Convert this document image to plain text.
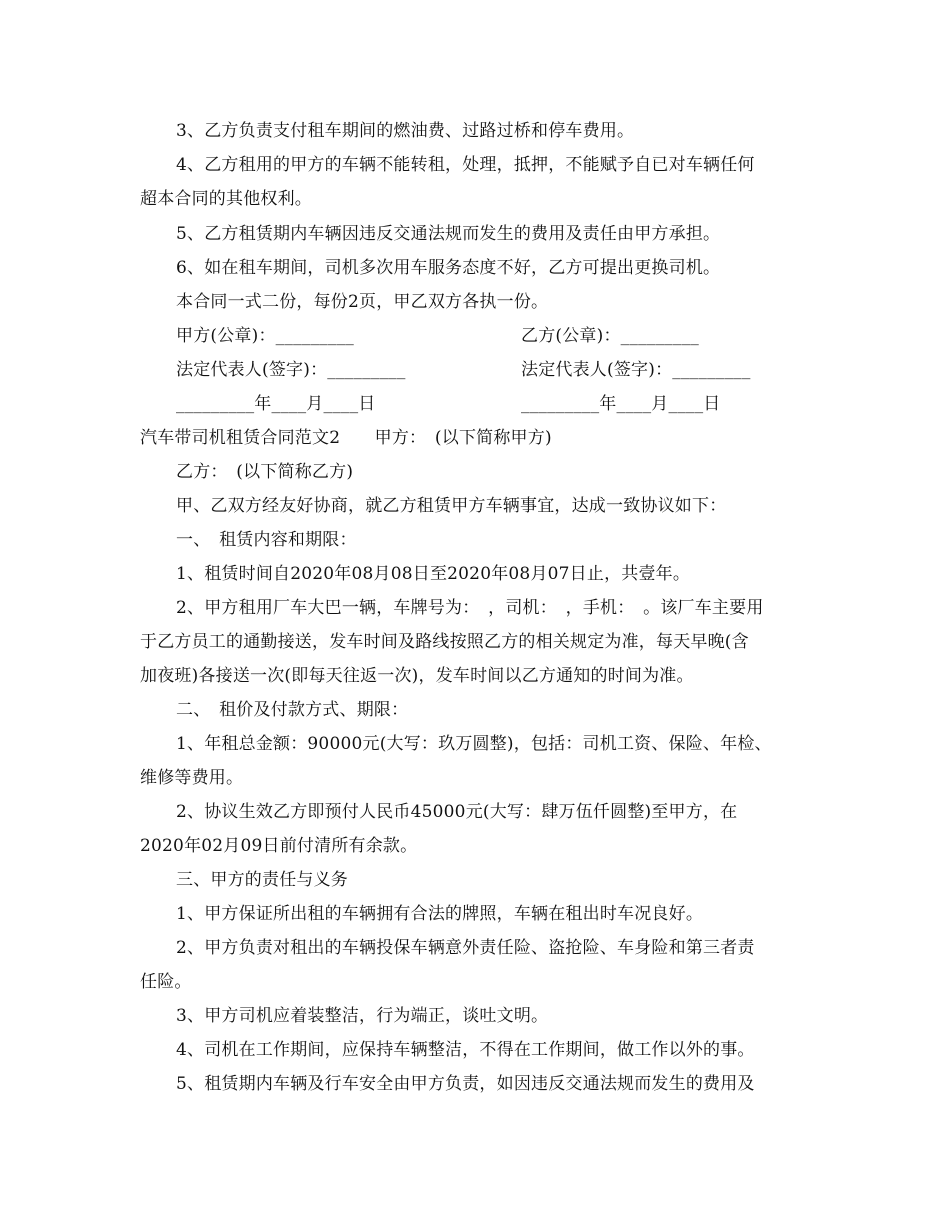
3、乙方负责支付租车期间的燃油费、过路过桥和停车费用。
4、乙方租用的甲方的车辆不能转租，处理，抵押，不能赋予自已对车辆任何
超本合同的其他权利。
5、乙方租赁期内车辆因违反交通法规而发生的费用及责任由甲方承担。
6、如在租车期间，司机多次用车服务态度不好，乙方可提出更换司机。
本合同一式二份，每份2页，甲乙双方各执一份。
甲方(公章)：_________	乙方(公章)：_________
法定代表人(签字)：_________	法定代表人(签字)：_________
_________年____月____日	_________年____月____日
汽车带司机租赁合同范文2　　甲方：　(以下简称甲方)
乙方：　(以下简称乙方)
甲、乙双方经友好协商，就乙方租赁甲方车辆事宜，达成一致协议如下：
一、　租赁内容和期限：
1、租赁时间自2020年08月08日至2020年08月07日止，共壹年。
2、甲方租用厂车大巴一辆，车牌号为：　，司机：　，手机：　。该厂车主要用
于乙方员工的通勤接送，发车时间及路线按照乙方的相关规定为准，每天早晚(含
加夜班)各接送一次(即每天往返一次)，发车时间以乙方通知的时间为准。
二、　租价及付款方式、期限：
1、年租总金额：90000元(大写：玖万圆整)，包括：司机工资、保险、年检、
维修等费用。
2、协议生效乙方即预付人民币45000元(大写：肆万伍仟圆整)至甲方，在
2020年02月09日前付清所有余款。
三、甲方的责任与义务
1、甲方保证所出租的车辆拥有合法的牌照，车辆在租出时车况良好。
2、甲方负责对租出的车辆投保车辆意外责任险、盗抢险、车身险和第三者责
任险。
3、甲方司机应着装整洁，行为端正，谈吐文明。
4、司机在工作期间，应保持车辆整洁，不得在工作期间，做工作以外的事。
5、租赁期内车辆及行车安全由甲方负责，如因违反交通法规而发生的费用及
